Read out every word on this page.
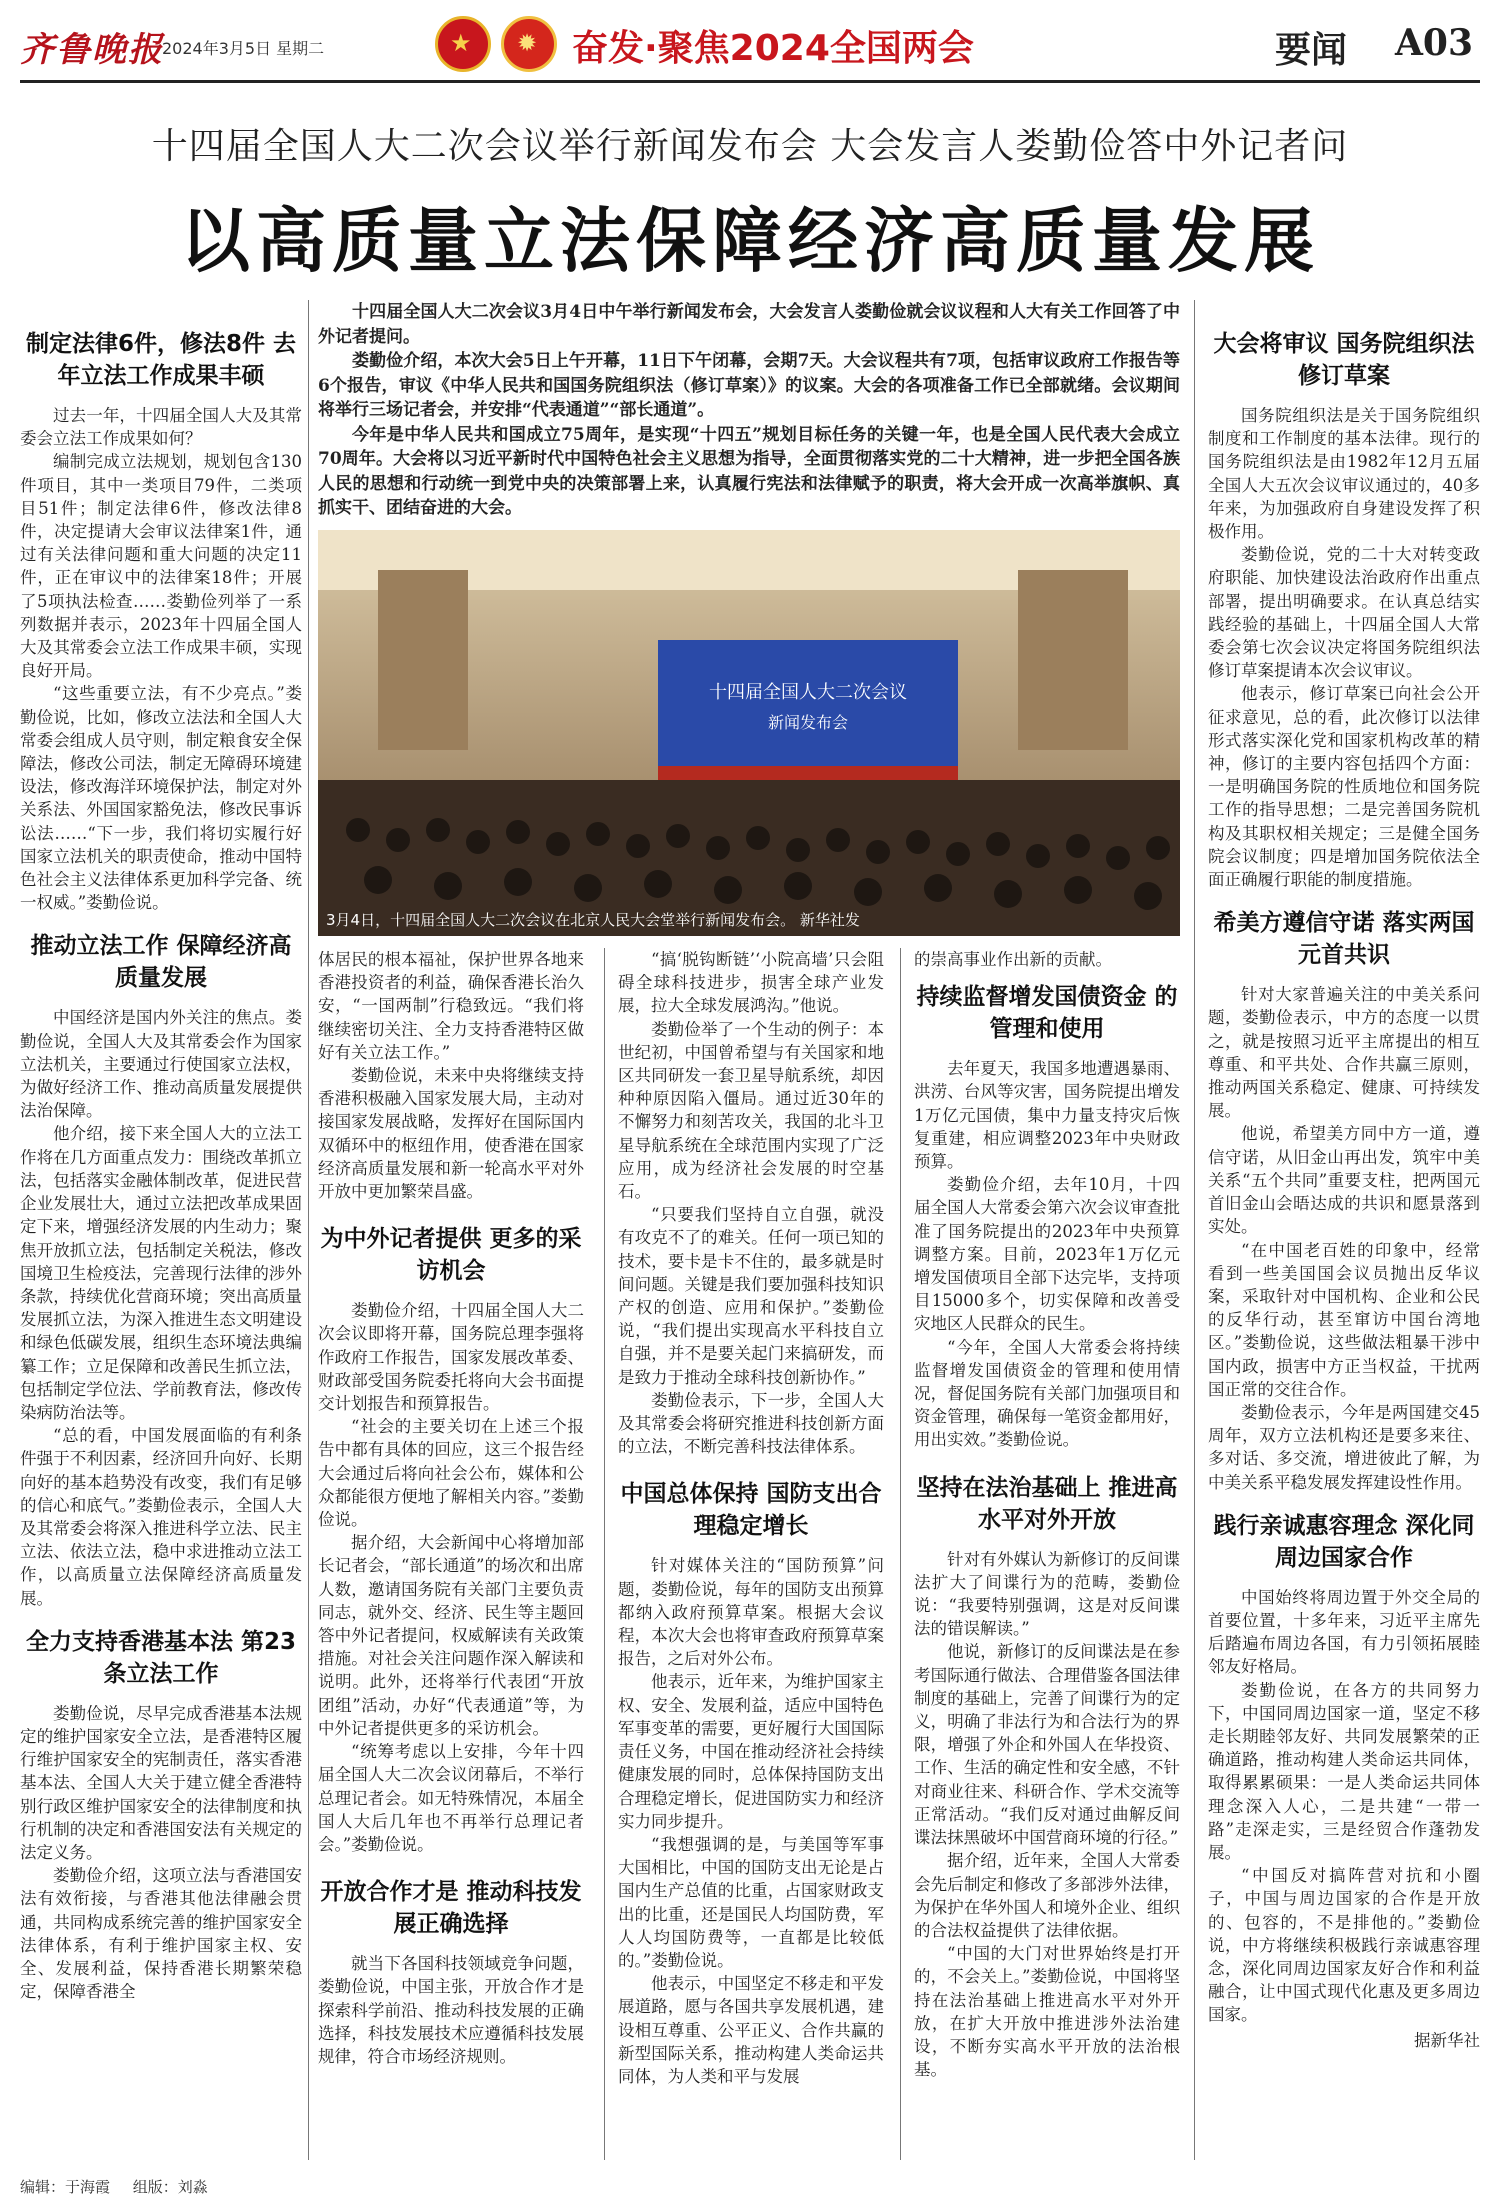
齐鲁晚报
2024年3月5日 星期二	★ ✹ 奋发·聚焦2024全国两会	要闻 A03
十四届全国人大二次会议举行新闻发布会 大会发言人娄勤俭答中外记者问
以高质量立法保障经济高质量发展
制定法律6件，修法8件 去年立法工作成果丰硕

过去一年，十四届全国人大及其常委会立法工作成果如何？

编制完成立法规划，规划包含130件项目，其中一类项目79件，二类项目51件；制定法律6件，修改法律8件，决定提请大会审议法律案1件，通过有关法律问题和重大问题的决定11件，正在审议中的法律案18件；开展了5项执法检查……娄勤俭列举了一系列数据并表示，2023年十四届全国人大及其常委会立法工作成果丰硕，实现良好开局。

“这些重要立法，有不少亮点。”娄勤俭说，比如，修改立法法和全国人大常委会组成人员守则，制定粮食安全保障法，修改公司法，制定无障碍环境建设法，修改海洋环境保护法，制定对外关系法、外国国家豁免法，修改民事诉讼法……“下一步，我们将切实履行好国家立法机关的职责使命，推动中国特色社会主义法律体系更加科学完备、统一权威。”娄勤俭说。

推动立法工作 保障经济高质量发展

中国经济是国内外关注的焦点。娄勤俭说，全国人大及其常委会作为国家立法机关，主要通过行使国家立法权，为做好经济工作、推动高质量发展提供法治保障。

他介绍，接下来全国人大的立法工作将在几方面重点发力：围绕改革抓立法，包括落实金融体制改革，促进民营企业发展壮大，通过立法把改革成果固定下来，增强经济发展的内生动力；聚焦开放抓立法，包括制定关税法，修改国境卫生检疫法，完善现行法律的涉外条款，持续优化营商环境；突出高质量发展抓立法，为深入推进生态文明建设和绿色低碳发展，组织生态环境法典编纂工作；立足保障和改善民生抓立法，包括制定学位法、学前教育法，修改传染病防治法等。

“总的看，中国发展面临的有利条件强于不利因素，经济回升向好、长期向好的基本趋势没有改变，我们有足够的信心和底气。”娄勤俭表示，全国人大及其常委会将深入推进科学立法、民主立法、依法立法，稳中求进推动立法工作，以高质量立法保障经济高质量发展。

全力支持香港基本法 第23条立法工作

娄勤俭说，尽早完成香港基本法规定的维护国家安全立法，是香港特区履行维护国家安全的宪制责任，落实香港基本法、全国人大关于建立健全香港特别行政区维护国家安全的法律制度和执行机制的决定和香港国安法有关规定的法定义务。

娄勤俭介绍，这项立法与香港国安法有效衔接，与香港其他法律融会贯通，共同构成系统完善的维护国家安全法律体系，有利于维护国家主权、安全、发展利益，保持香港长期繁荣稳定，保障香港全

十四届全国人大二次会议3月4日中午举行新闻发布会，大会发言人娄勤俭就会议议程和人大有关工作回答了中外记者提问。

娄勤俭介绍，本次大会5日上午开幕，11日下午闭幕，会期7天。大会议程共有7项，包括审议政府工作报告等6个报告，审议《中华人民共和国国务院组织法（修订草案）》的议案。大会的各项准备工作已全部就绪。会议期间将举行三场记者会，并安排“代表通道”“部长通道”。

今年是中华人民共和国成立75周年，是实现“十四五”规划目标任务的关键一年，也是全国人民代表大会成立70周年。大会将以习近平新时代中国特色社会主义思想为指导，全面贯彻落实党的二十大精神，进一步把全国各族人民的思想和行动统一到党中央的决策部署上来，认真履行宪法和法律赋予的职责，将大会开成一次高举旗帜、真抓实干、团结奋进的大会。

十四届全国人大二次会议
新闻发布会
3月4日，十四届全国人大二次会议在北京人民大会堂举行新闻发布会。 新华社发

体居民的根本福祉，保护世界各地来香港投资者的利益，确保香港长治久安，“一国两制”行稳致远。“我们将继续密切关注、全力支持香港特区做好有关立法工作。”

娄勤俭说，未来中央将继续支持香港积极融入国家发展大局，主动对接国家发展战略，发挥好在国际国内双循环中的枢纽作用，使香港在国家经济高质量发展和新一轮高水平对外开放中更加繁荣昌盛。

为中外记者提供 更多的采访机会

娄勤俭介绍，十四届全国人大二次会议即将开幕，国务院总理李强将作政府工作报告，国家发展改革委、财政部受国务院委托将向大会书面提交计划报告和预算报告。

“社会的主要关切在上述三个报告中都有具体的回应，这三个报告经大会通过后将向社会公布，媒体和公众都能很方便地了解相关内容。”娄勤俭说。

据介绍，大会新闻中心将增加部长记者会，“部长通道”的场次和出席人数，邀请国务院有关部门主要负责同志，就外交、经济、民生等主题回答中外记者提问，权威解读有关政策措施。对社会关注问题作深入解读和说明。此外，还将举行代表团“开放团组”活动，办好“代表通道”等，为中外记者提供更多的采访机会。

“统筹考虑以上安排，今年十四届全国人大二次会议闭幕后，不举行总理记者会。如无特殊情况，本届全国人大后几年也不再举行总理记者会。”娄勤俭说。

开放合作才是 推动科技发展正确选择

就当下各国科技领域竞争问题，娄勤俭说，中国主张，开放合作才是探索科学前沿、推动科技发展的正确选择，科技发展技术应遵循科技发展规律，符合市场经济规则。

“搞‘脱钩断链’‘小院高墙’只会阻碍全球科技进步，损害全球产业发展，拉大全球发展鸿沟。”他说。

娄勤俭举了一个生动的例子：本世纪初，中国曾希望与有关国家和地区共同研发一套卫星导航系统，却因种种原因陷入僵局。通过近30年的不懈努力和刻苦攻关，我国的北斗卫星导航系统在全球范围内实现了广泛应用，成为经济社会发展的时空基石。

“只要我们坚持自立自强，就没有攻克不了的难关。任何一项已知的技术，要卡是卡不住的，最多就是时间问题。关键是我们要加强科技知识产权的创造、应用和保护。”娄勤俭说，“我们提出实现高水平科技自立自强，并不是要关起门来搞研发，而是致力于推动全球科技创新协作。”

娄勤俭表示，下一步，全国人大及其常委会将研究推进科技创新方面的立法，不断完善科技法律体系。

中国总体保持 国防支出合理稳定增长

针对媒体关注的“国防预算”问题，娄勤俭说，每年的国防支出预算都纳入政府预算草案。根据大会议程，本次大会也将审查政府预算草案报告，之后对外公布。

他表示，近年来，为维护国家主权、安全、发展利益，适应中国特色军事变革的需要，更好履行大国国际责任义务，中国在推动经济社会持续健康发展的同时，总体保持国防支出合理稳定增长，促进国防实力和经济实力同步提升。

“我想强调的是，与美国等军事大国相比，中国的国防支出无论是占国内生产总值的比重，占国家财政支出的比重，还是国民人均国防费，军人人均国防费等，一直都是比较低的。”娄勤俭说。

他表示，中国坚定不移走和平发展道路，愿与各国共享发展机遇，建设相互尊重、公平正义、合作共赢的新型国际关系，推动构建人类命运共同体，为人类和平与发展

的崇高事业作出新的贡献。

持续监督增发国债资金 的管理和使用

去年夏天，我国多地遭遇暴雨、洪涝、台风等灾害，国务院提出增发1万亿元国债，集中力量支持灾后恢复重建，相应调整2023年中央财政预算。

娄勤俭介绍，去年10月，十四届全国人大常委会第六次会议审查批准了国务院提出的2023年中央预算调整方案。目前，2023年1万亿元增发国债项目全部下达完毕，支持项目15000多个，切实保障和改善受灾地区人民群众的民生。

“今年，全国人大常委会将持续监督增发国债资金的管理和使用情况，督促国务院有关部门加强项目和资金管理，确保每一笔资金都用好，用出实效。”娄勤俭说。

坚持在法治基础上 推进高水平对外开放

针对有外媒认为新修订的反间谍法扩大了间谍行为的范畴，娄勤俭说：“我要特别强调，这是对反间谍法的错误解读。”

他说，新修订的反间谍法是在参考国际通行做法、合理借鉴各国法律制度的基础上，完善了间谍行为的定义，明确了非法行为和合法行为的界限，增强了外企和外国人在华投资、工作、生活的确定性和安全感，不针对商业往来、科研合作、学术交流等正常活动。“我们反对通过曲解反间谍法抹黑破坏中国营商环境的行径。”

据介绍，近年来，全国人大常委会先后制定和修改了多部涉外法律，为保护在华外国人和境外企业、组织的合法权益提供了法律依据。

“中国的大门对世界始终是打开的，不会关上。”娄勤俭说，中国将坚持在法治基础上推进高水平对外开放，在扩大开放中推进涉外法治建设，不断夯实高水平开放的法治根基。

大会将审议 国务院组织法修订草案

国务院组织法是关于国务院组织制度和工作制度的基本法律。现行的国务院组织法是由1982年12月五届全国人大五次会议审议通过的，40多年来，为加强政府自身建设发挥了积极作用。

娄勤俭说，党的二十大对转变政府职能、加快建设法治政府作出重点部署，提出明确要求。在认真总结实践经验的基础上，十四届全国人大常委会第七次会议决定将国务院组织法修订草案提请本次会议审议。

他表示，修订草案已向社会公开征求意见，总的看，此次修订以法律形式落实深化党和国家机构改革的精神，修订的主要内容包括四个方面：一是明确国务院的性质地位和国务院工作的指导思想；二是完善国务院机构及其职权相关规定；三是健全国务院会议制度；四是增加国务院依法全面正确履行职能的制度措施。

希美方遵信守诺 落实两国元首共识

针对大家普遍关注的中美关系问题，娄勤俭表示，中方的态度一以贯之，就是按照习近平主席提出的相互尊重、和平共处、合作共赢三原则，推动两国关系稳定、健康、可持续发展。

他说，希望美方同中方一道，遵信守诺，从旧金山再出发，筑牢中美关系“五个共同”重要支柱，把两国元首旧金山会晤达成的共识和愿景落到实处。

“在中国老百姓的印象中，经常看到一些美国国会议员抛出反华议案，采取针对中国机构、企业和公民的反华行动，甚至窜访中国台湾地区。”娄勤俭说，这些做法粗暴干涉中国内政，损害中方正当权益，干扰两国正常的交往合作。

娄勤俭表示，今年是两国建交45周年，双方立法机构还是要多来往、多对话、多交流，增进彼此了解，为中美关系平稳发展发挥建设性作用。

践行亲诚惠容理念 深化同周边国家合作

中国始终将周边置于外交全局的首要位置，十多年来，习近平主席先后踏遍布周边各国，有力引领拓展睦邻友好格局。

娄勤俭说，在各方的共同努力下，中国同周边国家一道，坚定不移走长期睦邻友好、共同发展繁荣的正确道路，推动构建人类命运共同体，取得累累硕果：一是人类命运共同体理念深入人心，二是共建“一带一路”走深走实，三是经贸合作蓬勃发展。

“中国反对搞阵营对抗和小圈子，中国与周边国家的合作是开放的、包容的，不是排他的。”娄勤俭说，中方将继续积极践行亲诚惠容理念，深化同周边国家友好合作和利益融合，让中国式现代化惠及更多周边国家。

据新华社
编辑：于海霞 组版：刘淼
